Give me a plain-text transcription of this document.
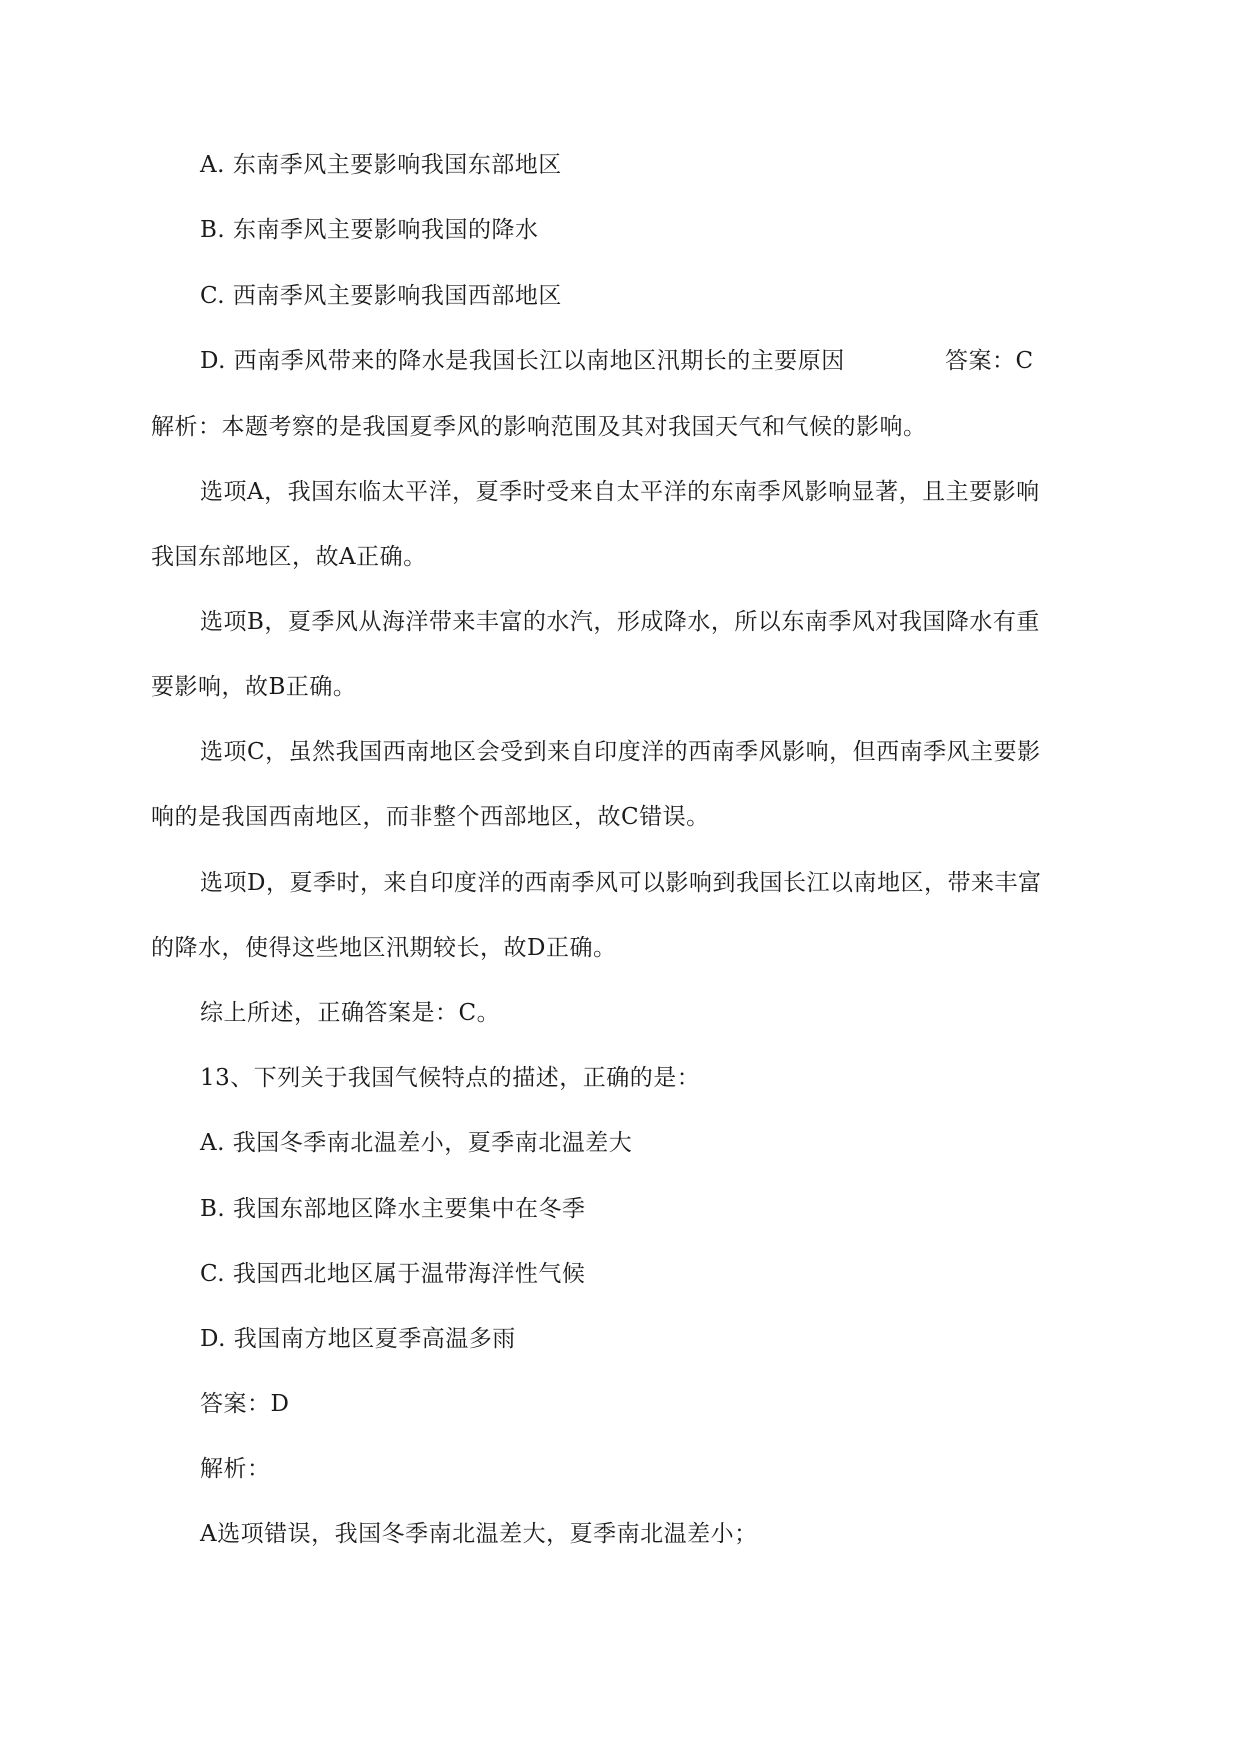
A. 东南季风主要影响我国东部地区
B. 东南季风主要影响我国的降水
C. 西南季风主要影响我国西部地区
D. 西南季风带来的降水是我国长江以南地区汛期长的主要原因	答案：C
解析：本题考察的是我国夏季风的影响范围及其对我国天气和气候的影响。
选项A，我国东临太平洋，夏季时受来自太平洋的东南季风影响显著，且主要影响
我国东部地区，故A正确。
选项B，夏季风从海洋带来丰富的水汽，形成降水，所以东南季风对我国降水有重
要影响，故B正确。
选项C，虽然我国西南地区会受到来自印度洋的西南季风影响，但西南季风主要影
响的是我国西南地区，而非整个西部地区，故C错误。
选项D，夏季时，来自印度洋的西南季风可以影响到我国长江以南地区，带来丰富
的降水，使得这些地区汛期较长，故D正确。
综上所述，正确答案是：C。
13、下列关于我国气候特点的描述，正确的是：
A. 我国冬季南北温差小，夏季南北温差大
B. 我国东部地区降水主要集中在冬季
C. 我国西北地区属于温带海洋性气候
D. 我国南方地区夏季高温多雨
答案：D
解析：
A选项错误，我国冬季南北温差大，夏季南北温差小；
